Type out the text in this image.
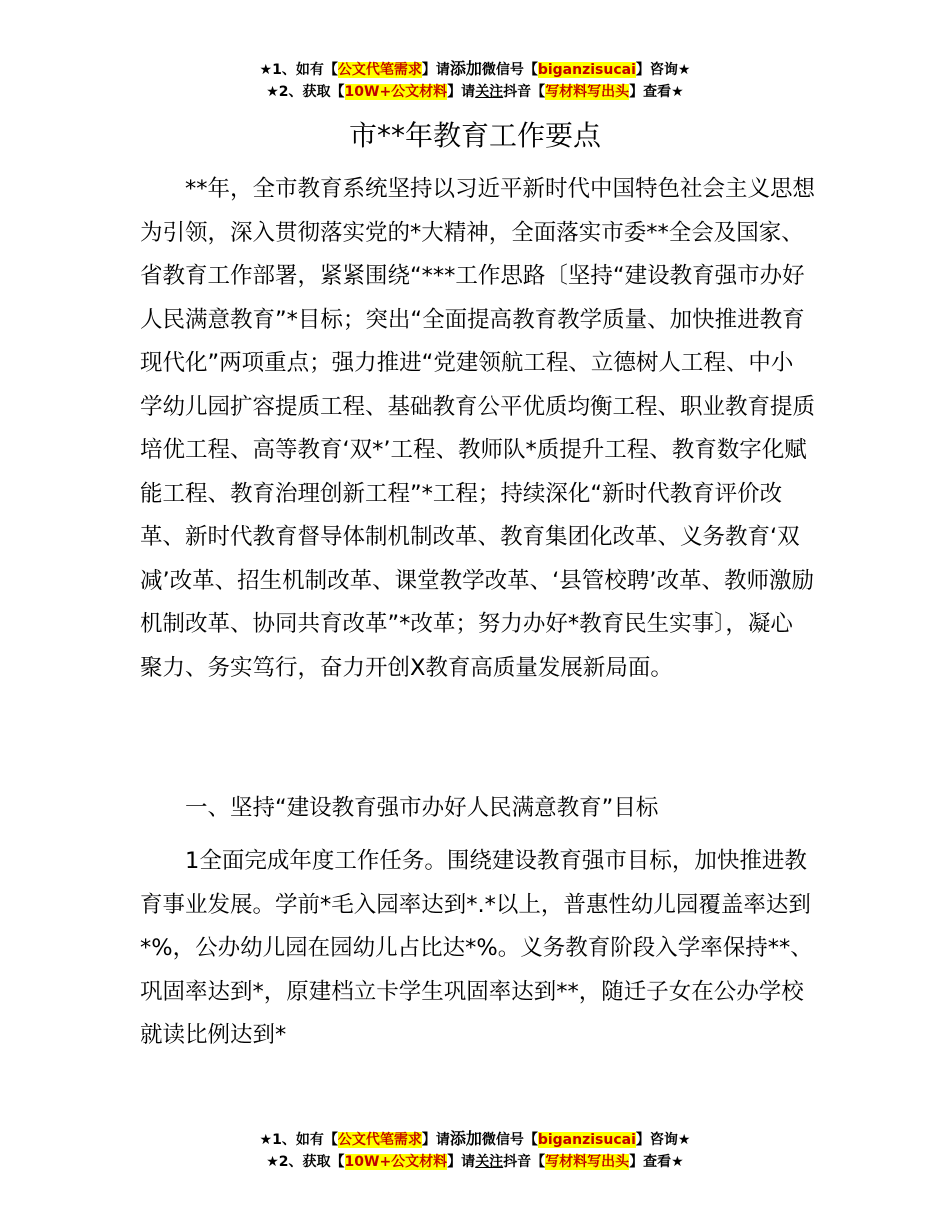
★1、如有【公文代笔需求】请添加微信号【biganzisucai】咨询★
★2、获取【10W+公文材料】请关注抖音【写材料写出头】查看★
市**年教育工作要点

**年，全市教育系统坚持以习近平新时代中国特色社会主义思想为引领，深入贯彻落实党的*大精神，全面落实市委**全会及国家、省教育工作部署，紧紧围绕“***工作思路〔坚持“建设教育强市办好人民满意教育”*目标；突出“全面提高教育教学质量、加快推进教育现代化”两项重点；强力推进“党建领航工程、立德树人工程、中小学幼儿园扩容提质工程、基础教育公平优质均衡工程、职业教育提质培优工程、高等教育‘双*’工程、教师队*质提升工程、教育数字化赋能工程、教育治理创新工程”*工程；持续深化“新时代教育评价改革、新时代教育督导体制机制改革、教育集团化改革、义务教育‘双减’改革、招生机制改革、课堂教学改革、‘县管校聘’改革、教师激励机制改革、协同共育改革”*改革；努力办好*教育民生实事〕，凝心聚力、务实笃行，奋力开创X教育高质量发展新局面。

一、坚持“建设教育强市办好人民满意教育”目标

1全面完成年度工作任务。围绕建设教育强市目标，加快推进教育事业发展。学前*毛入园率达到*.*以上，普惠性幼儿园覆盖率达到*%，公办幼儿园在园幼儿占比达*%。义务教育阶段入学率保持**、巩固率达到*，原建档立卡学生巩固率达到**，随迁子女在公办学校就读比例达到*

★1、如有【公文代笔需求】请添加微信号【biganzisucai】咨询★
★2、获取【10W+公文材料】请关注抖音【写材料写出头】查看★
